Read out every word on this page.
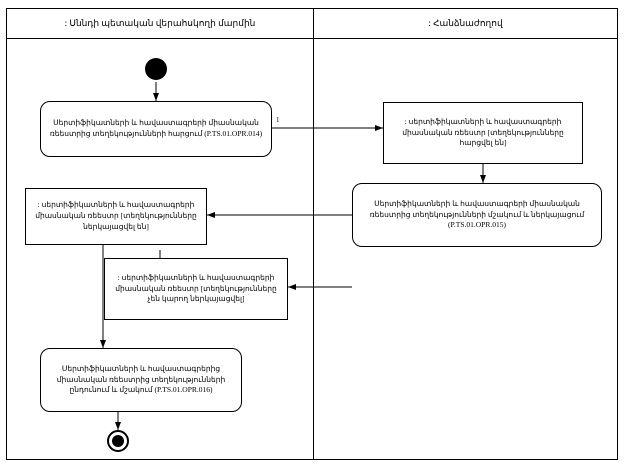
: Սննդի պետական վերահսկողի մարմին	: Հանձնաժողով
Սերտիֆիկատների և հավաստագրերի միասնական ռեեստրից տեղեկությունների հարցում (P.TS.01.OPR.014)
1	: սերտիֆիկատների և հավաստագրերի միասնական ռեեստր [տեղեկությունները հարցվել են]
Սերտիֆիկատների և հավաստագրերի միասնական ռեեստրից տեղեկությունների մշակում և ներկայացում (P.TS.01.OPR.015)
: սերտիֆիկատների և հավաստագրերի միասնական ռեեստր [տեղեկությունները ներկայացվել են]
: սերտիֆիկատների և հավաստագրերի միասնական ռեեստր [տեղեկությունները չեն կարող ներկայացվել]
Սերտիֆիկատների և հավաստագրերից միասնական ռեեստրից տեղեկությունների ընդունում և մշակում (P.TS.01.OPR.016)
